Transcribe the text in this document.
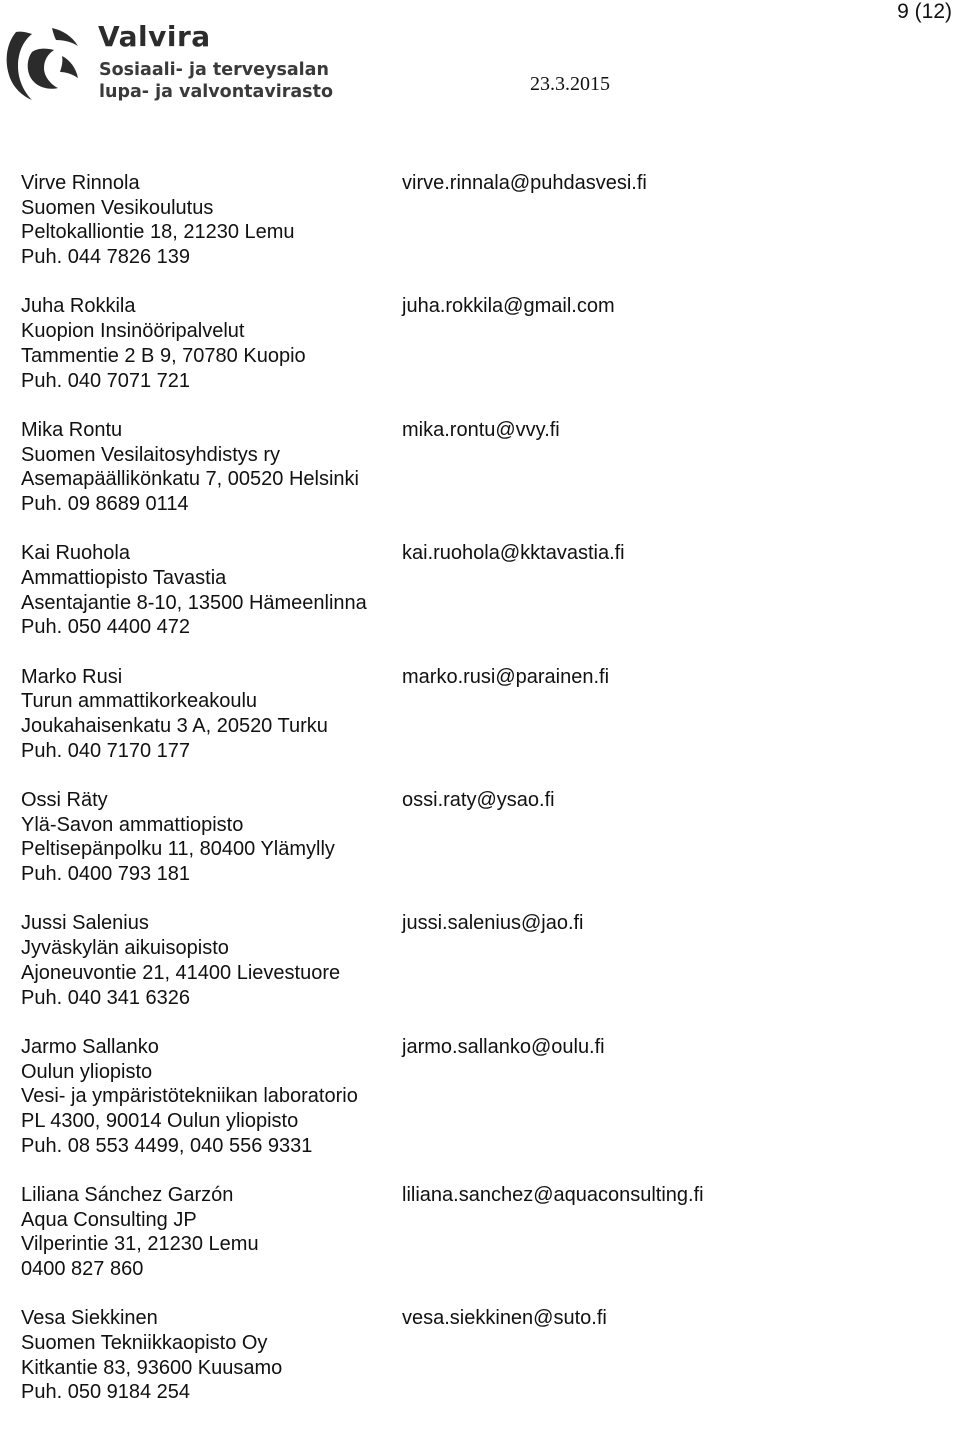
9 (12)
Valvira
Sosiaali- ja terveysalan
lupa- ja valvontavirasto	23.3.2015
Virve Rinnola
Suomen Vesikoulutus
Peltokalliontie 18, 21230 Lemu
Puh. 044 7826 139
virve.rinnala@puhdasvesi.fi
Juha Rokkila
Kuopion Insinööripalvelut
Tammentie 2 B 9, 70780 Kuopio
Puh. 040 7071 721
juha.rokkila@gmail.com
Mika Rontu
Suomen Vesilaitosyhdistys ry
Asemapäällikönkatu 7, 00520 Helsinki
Puh. 09 8689 0114
mika.rontu@vvy.fi
Kai Ruohola
Ammattiopisto Tavastia
Asentajantie 8-10, 13500 Hämeenlinna
Puh. 050 4400 472
kai.ruohola@kktavastia.fi
Marko Rusi
Turun ammattikorkeakoulu
Joukahaisenkatu 3 A, 20520 Turku
Puh. 040 7170 177
marko.rusi@parainen.fi
Ossi Räty
Ylä-Savon ammattiopisto
Peltisepänpolku 11, 80400 Ylämylly
Puh. 0400 793 181
ossi.raty@ysao.fi
Jussi Salenius
Jyväskylän aikuisopisto
Ajoneuvontie 21, 41400 Lievestuore
Puh. 040 341 6326
jussi.salenius@jao.fi
Jarmo Sallanko
Oulun yliopisto
Vesi- ja ympäristötekniikan laboratorio
PL 4300, 90014 Oulun yliopisto
Puh. 08 553 4499, 040 556 9331
jarmo.sallanko@oulu.fi
Liliana Sánchez Garzón
Aqua Consulting JP
Vilperintie 31, 21230 Lemu
0400 827 860
liliana.sanchez@aquaconsulting.fi
Vesa Siekkinen
Suomen Tekniikkaopisto Oy
Kitkantie 83, 93600 Kuusamo
Puh. 050 9184 254
vesa.siekkinen@suto.fi
